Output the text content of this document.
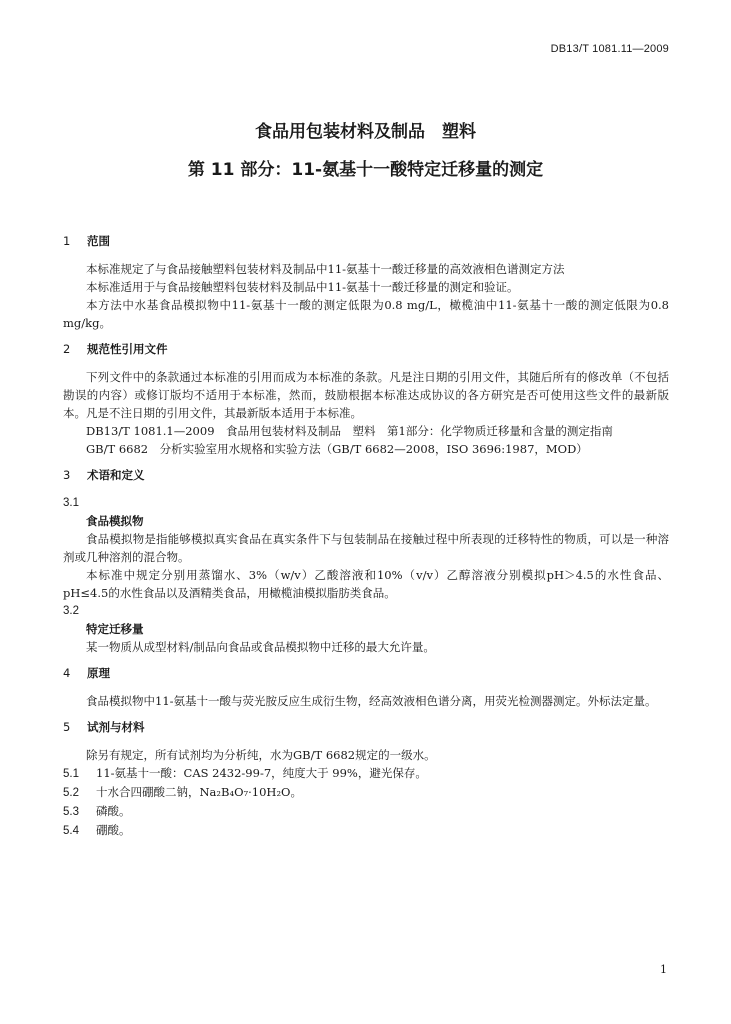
DB13/T 1081.11—2009
食品用包装材料及制品　塑料
第 11 部分：11-氨基十一酸特定迁移量的测定

1 范围

本标准规定了与食品接触塑料包装材料及制品中11-氨基十一酸迁移量的高效液相色谱测定方法

本标准适用于与食品接触塑料包装材料及制品中11-氨基十一酸迁移量的测定和验证。

本方法中水基食品模拟物中11-氨基十一酸的测定低限为0.8 mg/L，橄榄油中11-氨基十一酸的测定低限为0.8 mg/kg。

2 规范性引用文件

下列文件中的条款通过本标准的引用而成为本标准的条款。凡是注日期的引用文件，其随后所有的修改单（不包括勘误的内容）或修订版均不适用于本标准，然而，鼓励根据本标准达成协议的各方研究是否可使用这些文件的最新版本。凡是不注日期的引用文件，其最新版本适用于本标准。

DB13/T 1081.1—2009　食品用包装材料及制品　塑料　第1部分：化学物质迁移量和含量的测定指南

GB/T 6682　分析实验室用水规格和实验方法（GB/T 6682—2008，ISO 3696:1987，MOD）

3 术语和定义

3.1

食品模拟物

食品模拟物是指能够模拟真实食品在真实条件下与包装制品在接触过程中所表现的迁移特性的物质，可以是一种溶剂或几种溶剂的混合物。

本标准中规定分别用蒸馏水、3%（w/v）乙酸溶液和10%（v/v）乙醇溶液分别模拟pH＞4.5的水性食品、pH≤4.5的水性食品以及酒精类食品，用橄榄油模拟脂肪类食品。

3.2

特定迁移量

某一物质从成型材料/制品向食品或食品模拟物中迁移的最大允许量。

4 原理

食品模拟物中11-氨基十一酸与荧光胺反应生成衍生物，经高效液相色谱分离，用荧光检测器测定。外标法定量。

5 试剂与材料

除另有规定，所有试剂均为分析纯，水为GB/T 6682规定的一级水。

5.1 11-氨基十一酸：CAS 2432-99-7，纯度大于 99%，避光保存。

5.2 十水合四硼酸二钠，Na₂B₄O₇·10H₂O。

5.3 磷酸。

5.4 硼酸。

1
